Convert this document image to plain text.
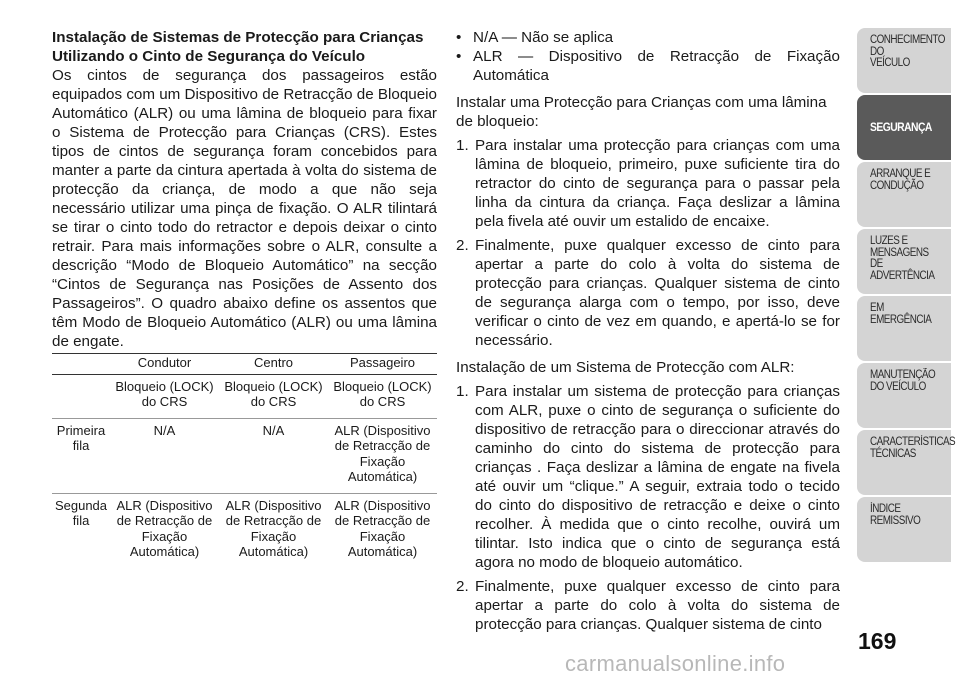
Instalação de Sistemas de Protecção para Crianças Utilizando o Cinto de Segurança do Veículo

Os cintos de segurança dos passageiros estão equipados com um Dispositivo de Retracção de Bloqueio Automático (ALR) ou uma lâmina de bloqueio para fixar o Sistema de Protecção para Crianças (CRS). Estes tipos de cintos de segurança foram concebidos para manter a parte da cintura apertada à volta do sistema de protecção da criança, de modo a que não seja necessário utilizar uma pinça de fixação. O ALR tilintará se tirar o cinto todo do retractor e depois deixar o cinto retrair. Para mais informações sobre o ALR, consulte a descrição “Modo de Bloqueio Automático” na secção “Cintos de Segurança nas Posições de Assento dos Passageiros”. O quadro abaixo define os assentos que têm Modo de Bloqueio Automático (ALR) ou uma lâmina de engate.

	Condutor	Centro	Passageiro
	Bloqueio (LOCK) do CRS	Bloqueio (LOCK) do CRS	Bloqueio (LOCK) do CRS
Primeira fila	N/A	N/A	ALR (Dispositivo de Retracção de Fixação Automática)
Segunda fila	ALR (Dispositivo de Retracção de Fixação Automática)	ALR (Dispositivo de Retracção de Fixação Automática)	ALR (Dispositivo de Retracção de Fixação Automática)
• N/A — Não se aplica
• ALR — Dispositivo de Retracção de Fixação Automática

Instalar uma Protecção para Crianças com uma lâmina de bloqueio:

1. Para instalar uma protecção para crianças com uma lâmina de bloqueio, primeiro, puxe suficiente tira do retractor do cinto de segurança para o passar pela linha da cintura da criança. Faça deslizar a lâmina pela fivela até ouvir um estalido de encaixe.
2. Finalmente, puxe qualquer excesso de cinto para apertar a parte do colo à volta do sistema de protecção para crianças. Qualquer sistema de cinto de segurança alarga com o tempo, por isso, deve verificar o cinto de vez em quando, e apertá-lo se for necessário.

Instalação de um Sistema de Protecção com ALR:

1. Para instalar um sistema de protecção para crianças com ALR, puxe o cinto de segurança o suficiente do dispositivo de retracção para o direccionar através do caminho do cinto do sistema de protecção para crianças . Faça deslizar a lâmina de engate na fivela até ouvir um “clique.” A seguir, extraia todo o tecido do cinto do dispositivo de retracção e deixe o cinto recolher. À medida que o cinto recolhe, ouvirá um tilintar. Isto indica que o cinto de segurança está agora no modo de bloqueio automático.
2. Finalmente, puxe qualquer excesso de cinto para apertar a parte do colo à volta do sistema de protecção para crianças. Qualquer sistema de cinto
CONHECIMENTO
DO
VEÍCULO
SEGURANÇA
ARRANQUE E
CONDUÇÃO
LUZES E
MENSAGENS
DE
ADVERTÊNCIA
EM
EMERGÊNCIA
MANUTENÇÃO
DO VEÍCULO
CARACTERÍSTICAS
TÉCNICAS
ÍNDICE
REMISSIVO
169
carmanualsonline.info
